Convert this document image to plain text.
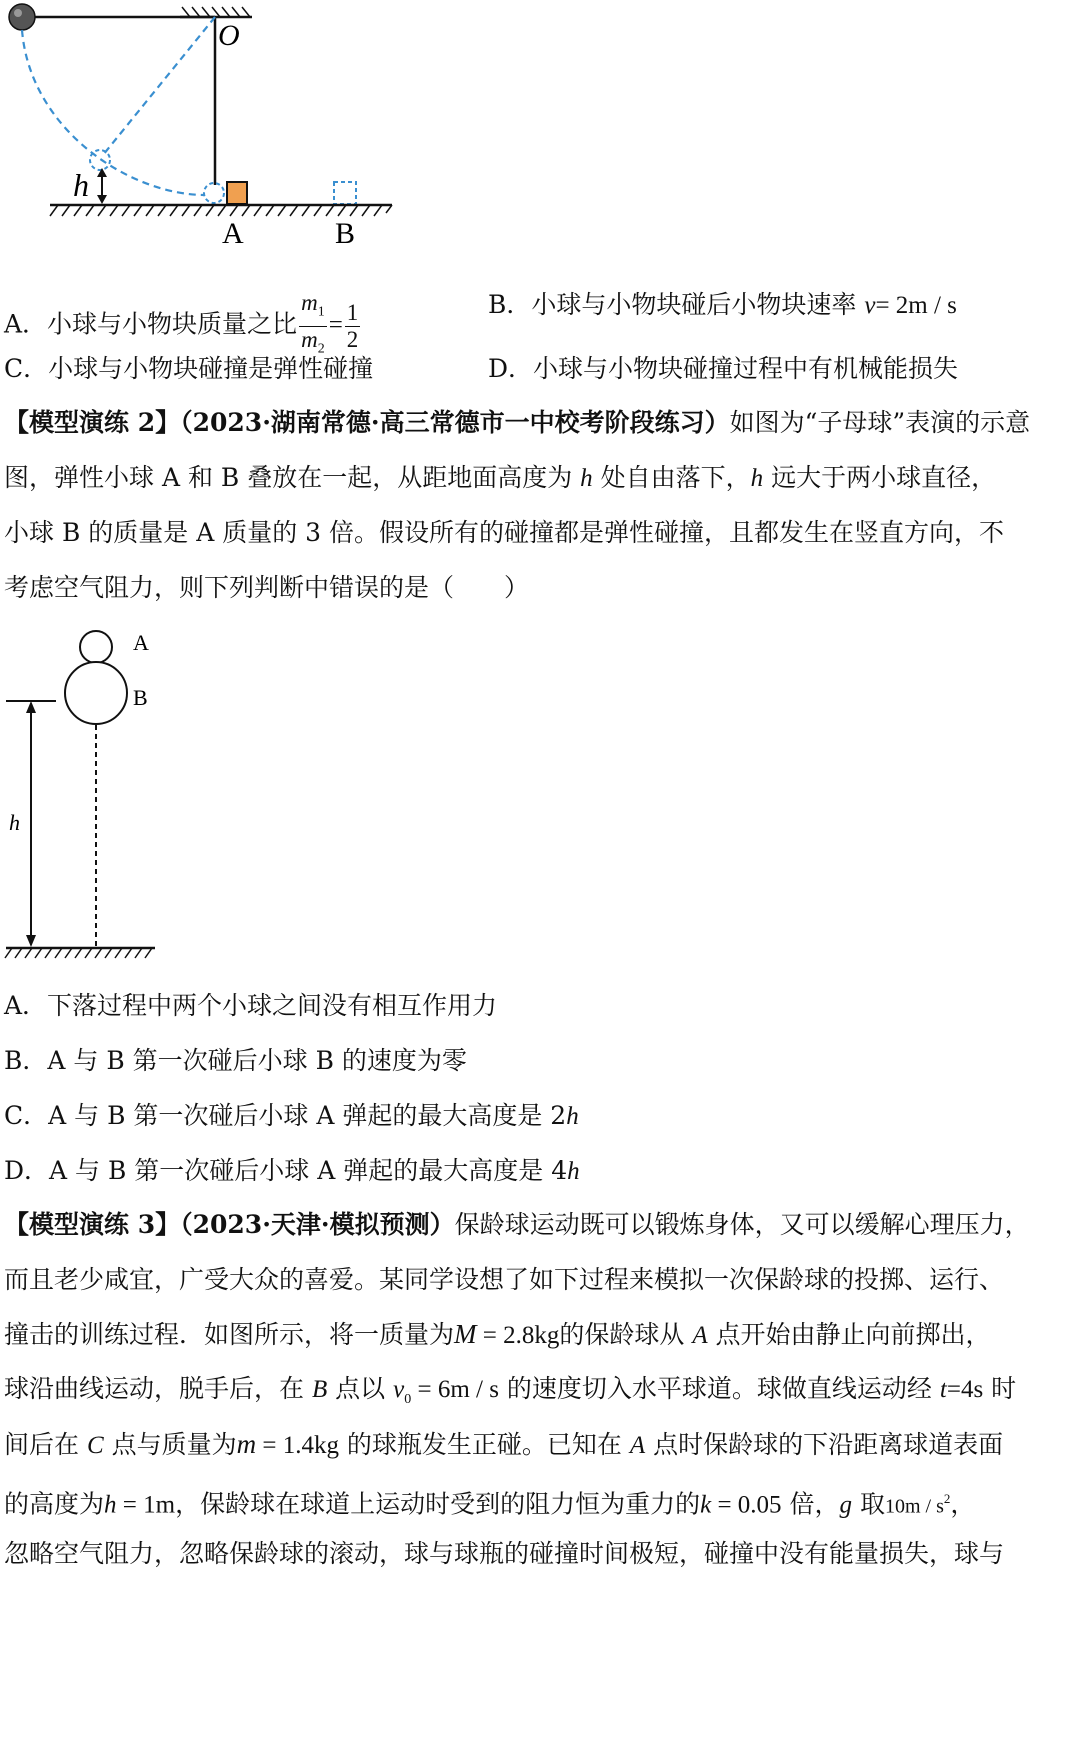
O
h
A	B
A．小球与小物块质量之比 $\frac{m_1}{m_2} = \frac{1}{2}$	B．小球与小物块碰后小物块速率 v= 2m / s
C．小球与小物块碰撞是弹性碰撞	D．小球与小物块碰撞过程中有机械能损失
【模型演练 2】（2023·湖南常德·高三常德市一中校考阶段练习）如图为“子母球”表演的示意
图，弹性小球 A 和 B 叠放在一起，从距地面高度为 h 处自由落下，h 远大于两小球直径，
小球 B 的质量是 A 质量的 3 倍。假设所有的碰撞都是弹性碰撞，且都发生在竖直方向，不
考虑空气阻力，则下列判断中错误的是（　　）
A
B
h
A．下落过程中两个小球之间没有相互作用力
B．A 与 B 第一次碰后小球 B 的速度为零
C．A 与 B 第一次碰后小球 A 弹起的最大高度是 2h
D．A 与 B 第一次碰后小球 A 弹起的最大高度是 4h
【模型演练 3】（2023·天津·模拟预测）保龄球运动既可以锻炼身体，又可以缓解心理压力，
而且老少咸宜，广受大众的喜爱。某同学设想了如下过程来模拟一次保龄球的投掷、运行、
撞击的训练过程．如图所示，将一质量为M = 2.8kg的保龄球从 A 点开始由静止向前掷出，
球沿曲线运动，脱手后，在 B 点以 $v_0 = 6m / s$ 的速度切入水平球道。球做直线运动经 t=4s 时
间后在 C 点与质量为m = 1.4kg 的球瓶发生正碰。已知在 A 点时保龄球的下沿距离球道表面
的高度为h = 1m，保龄球在球道上运动时受到的阻力恒为重力的k = 0.05 倍，g 取$10m / s^2$，
忽略空气阻力，忽略保龄球的滚动，球与球瓶的碰撞时间极短，碰撞中没有能量损失，球与
